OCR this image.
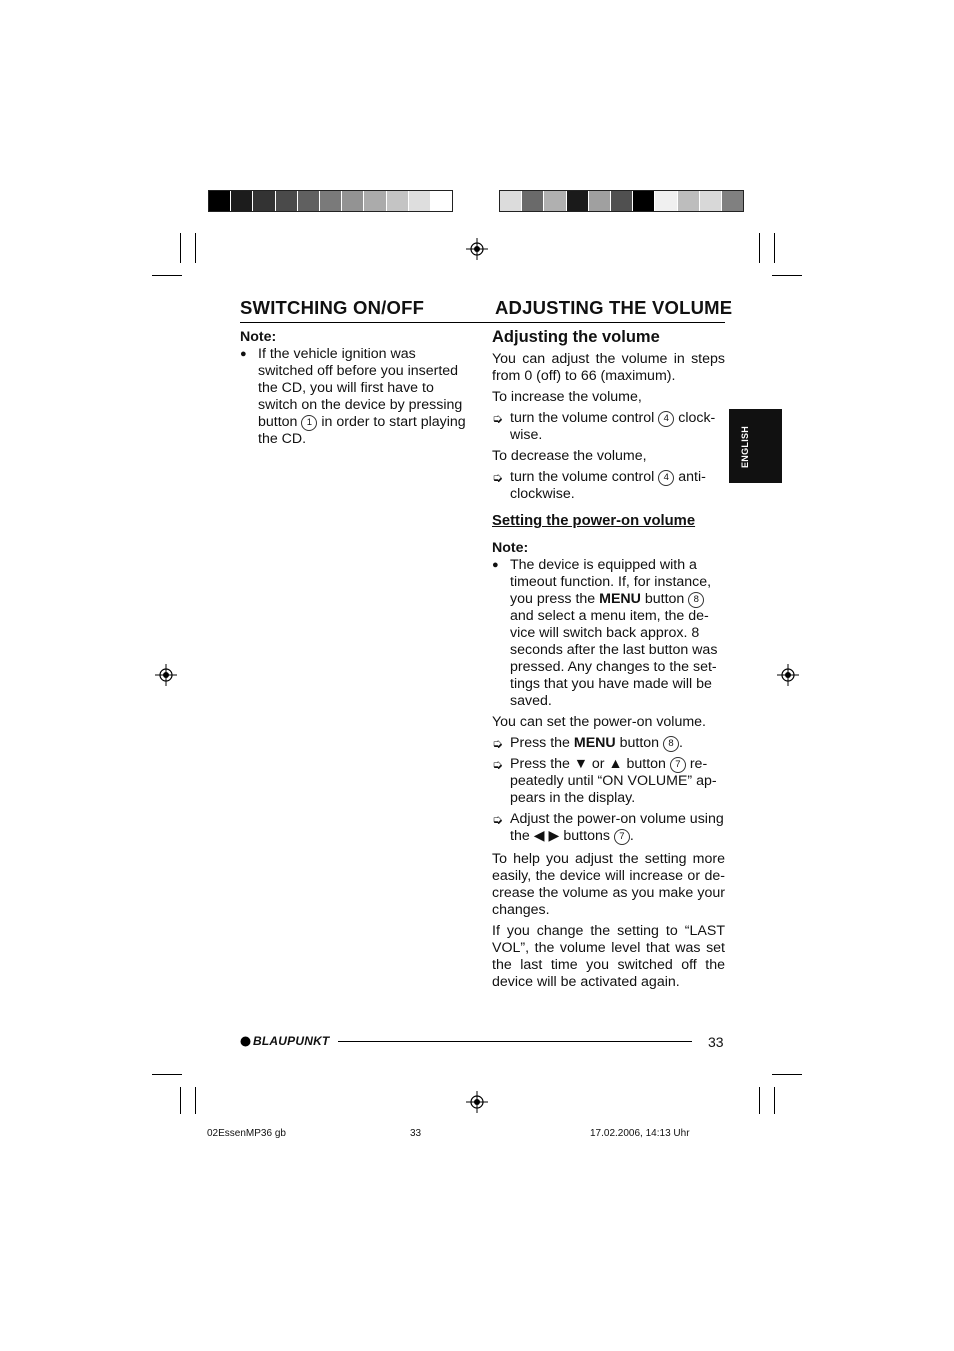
SWITCHING ON/OFF	ADJUSTING THE VOLUME
Note:
● If the vehicle ignition was switched off before you inserted the CD, you will first have to switch on the device by pressing button 1 in order to start playing the CD.
Adjusting the volume
You can adjust the volume in steps from 0 (off) to 66 (maximum).
To increase the volume,
➭ turn the volume control 4 clock-wise.
To decrease the volume,
➭ turn the volume control 4 anti-clockwise.
Setting the power-on volume
Note:
● The device is equipped with a timeout function. If, for instance, you press the MENU button 8 and select a menu item, the de-vice will switch back approx. 8 seconds after the last button was pressed. Any changes to the set-tings that you have made will be saved.
You can set the power-on volume.
➭ Press the MENU button 8 .
➭ Press the ▼ or ▲ button 7 re-peatedly until “ON VOLUME” ap-pears in the display.
➭ Adjust the power-on volume using the ◀ ▶ buttons 7 .
To help you adjust the setting more easily, the device will increase or de-crease the volume as you make your changes.
If you change the setting to “LAST VOL”, the volume level that was set the last time you switched off the device will be activated again.
ENGLISH
BLAUPUNKT	33
02EssenMP36 gb	33	17.02.2006, 14:13 Uhr
